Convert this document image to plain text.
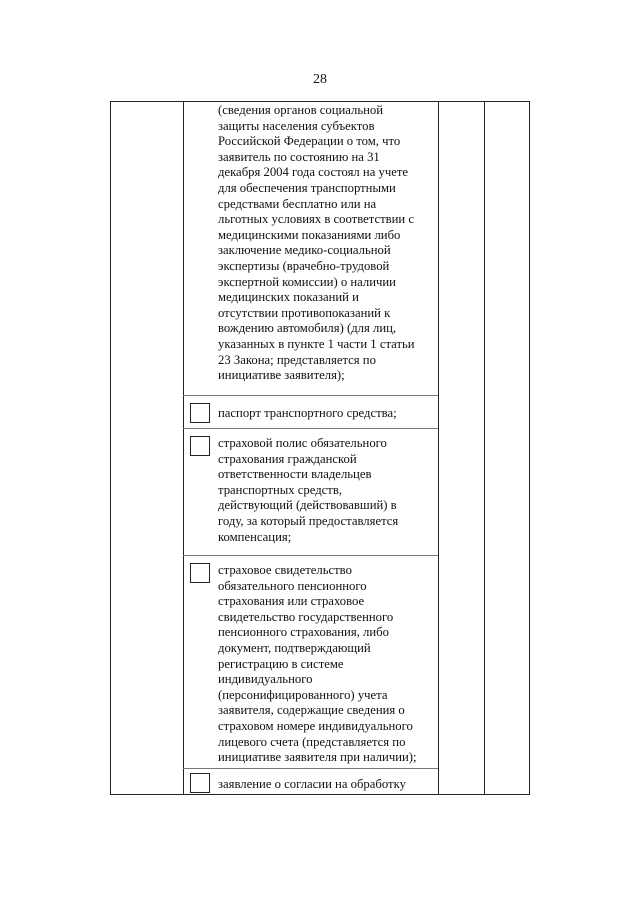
28
(сведения органов социальной
защиты населения субъектов
Российской Федерации о том, что
заявитель по состоянию на 31
декабря 2004 года состоял на учете
для обеспечения транспортными
средствами бесплатно или на
льготных условиях в соответствии с
медицинскими показаниями либо
заключение медико-социальной
экспертизы (врачебно-трудовой
экспертной комиссии) о наличии
медицинских показаний и
отсутствии противопоказаний к
вождению автомобиля) (для лиц,
указанных в пункте 1 части 1 статьи
23 Закона; представляется по
инициативе заявителя);
паспорт транспортного средства;
страховой полис обязательного
страхования гражданской
ответственности владельцев
транспортных средств,
действующий (действовавший) в
году, за который предоставляется
компенсация;
страховое свидетельство
обязательного пенсионного
страхования или страховое
свидетельство государственного
пенсионного страхования, либо
документ, подтверждающий
регистрацию в системе
индивидуального
(персонифицированного) учета
заявителя, содержащие сведения о
страховом номере индивидуального
лицевого счета (представляется по
инициативе заявителя при наличии);
заявление о согласии на обработку
